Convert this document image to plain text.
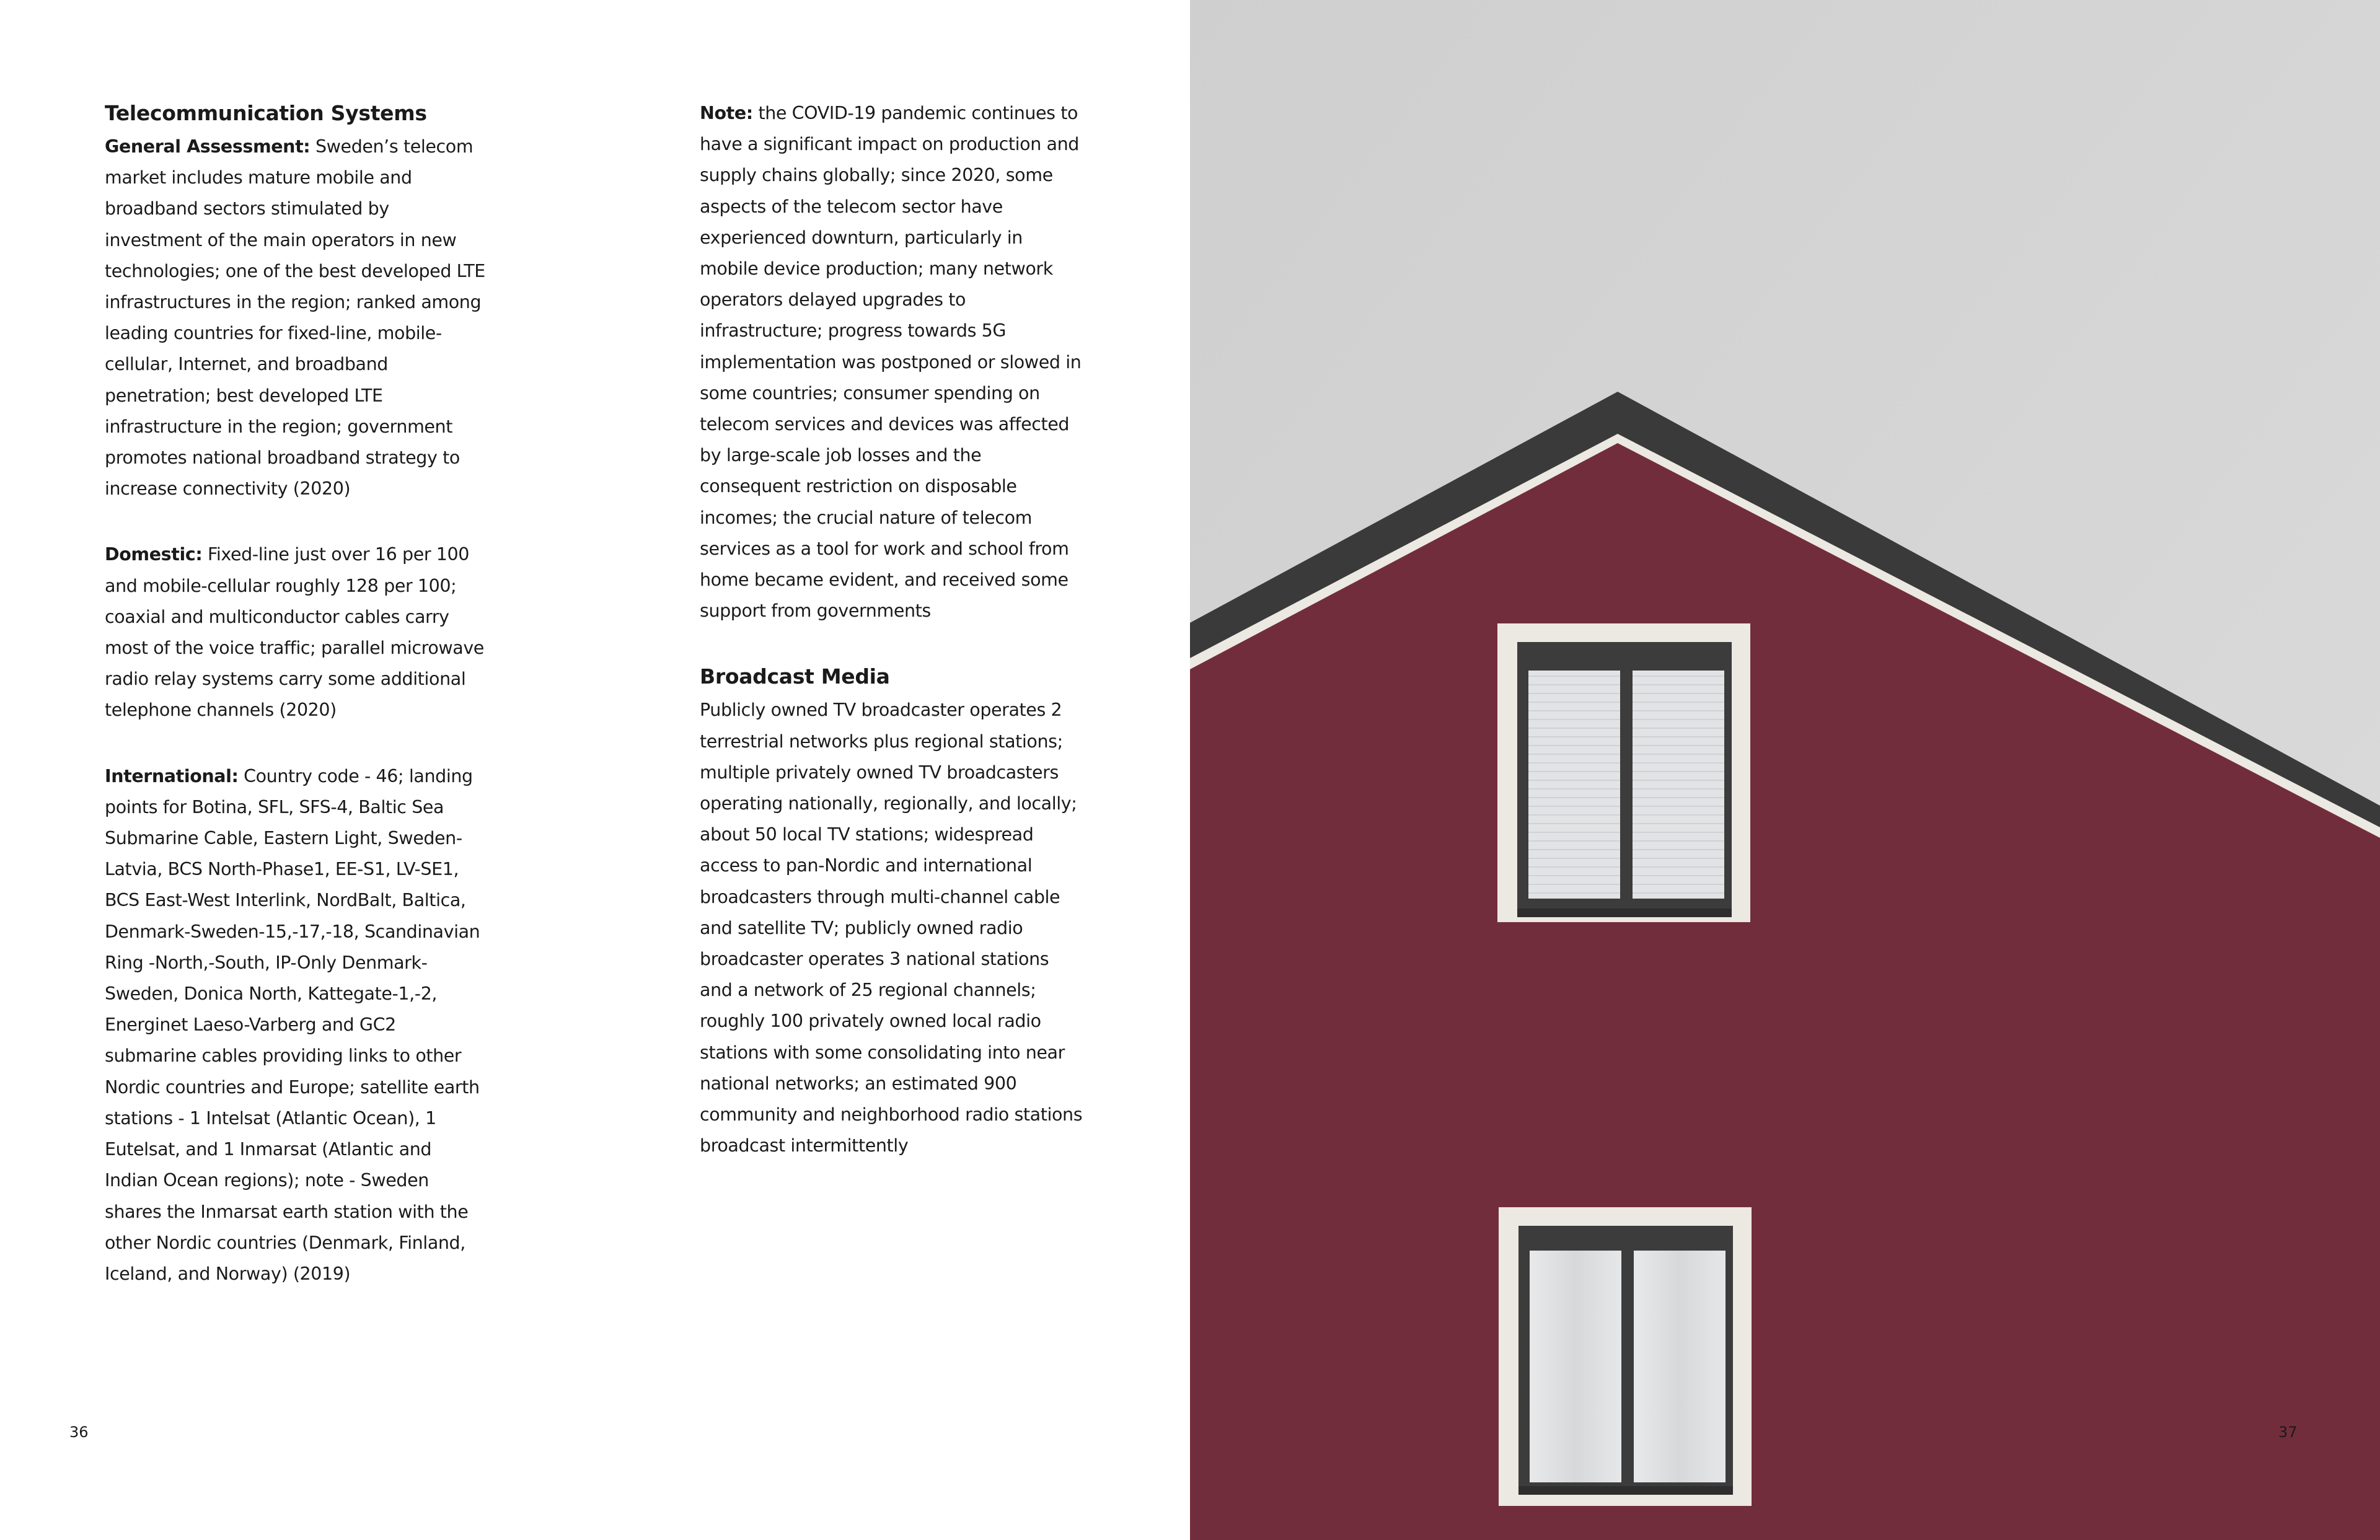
Telecommunication Systems

General Assessment: Sweden’s telecom market includes mature mobile and broadband sectors stimulated by investment of the main operators in new technologies; one of the best developed LTE infrastructures in the region; ranked among leading countries for fixed-line, mobile-cellular, Internet, and broadband penetration; best developed LTE infrastructure in the region; government promotes national broadband strategy to increase connectivity (2020)

Domestic: Fixed-line just over 16 per 100 and mobile-cellular roughly 128 per 100; coaxial and multiconductor cables carry most of the voice traffic; parallel microwave radio relay systems carry some additional telephone channels (2020)

International: Country code - 46; landing points for Botina, SFL, SFS-4, Baltic Sea Submarine Cable, Eastern Light, Sweden-Latvia, BCS North-Phase1, EE-S1, LV-SE1, BCS East-West Interlink, NordBalt, Baltica, Denmark-Sweden-15,-17,-18, Scandinavian Ring -North,-South, IP-Only Denmark-Sweden, Donica North, Kattegate-1,-2, Energinet Laeso-Varberg and GC2 submarine cables providing links to other Nordic countries and Europe; satellite earth stations - 1 Intelsat (Atlantic Ocean), 1 Eutelsat, and 1 Inmarsat (Atlantic and Indian Ocean regions); note - Sweden shares the Inmarsat earth station with the other Nordic countries (Denmark, Finland, Iceland, and Norway) (2019)

Note: the COVID-19 pandemic continues to have a significant impact on production and supply chains globally; since 2020, some aspects of the telecom sector have experienced downturn, particularly in mobile device production; many network operators delayed upgrades to infrastructure; progress towards 5G implementation was postponed or slowed in some countries; consumer spending on telecom services and devices was affected by large-scale job losses and the consequent restriction on disposable incomes; the crucial nature of telecom services as a tool for work and school from home became evident, and received some support from governments

Broadcast Media

Publicly owned TV broadcaster operates 2 terrestrial networks plus regional stations; multiple privately owned TV broadcasters operating nationally, regionally, and locally; about 50 local TV stations; widespread access to pan-Nordic and international broadcasters through multi-channel cable and satellite TV; publicly owned radio broadcaster operates 3 national stations and a network of 25 regional channels; roughly 100 privately owned local radio stations with some consolidating into near national networks; an estimated 900 community and neighborhood radio stations broadcast intermittently

36	37
